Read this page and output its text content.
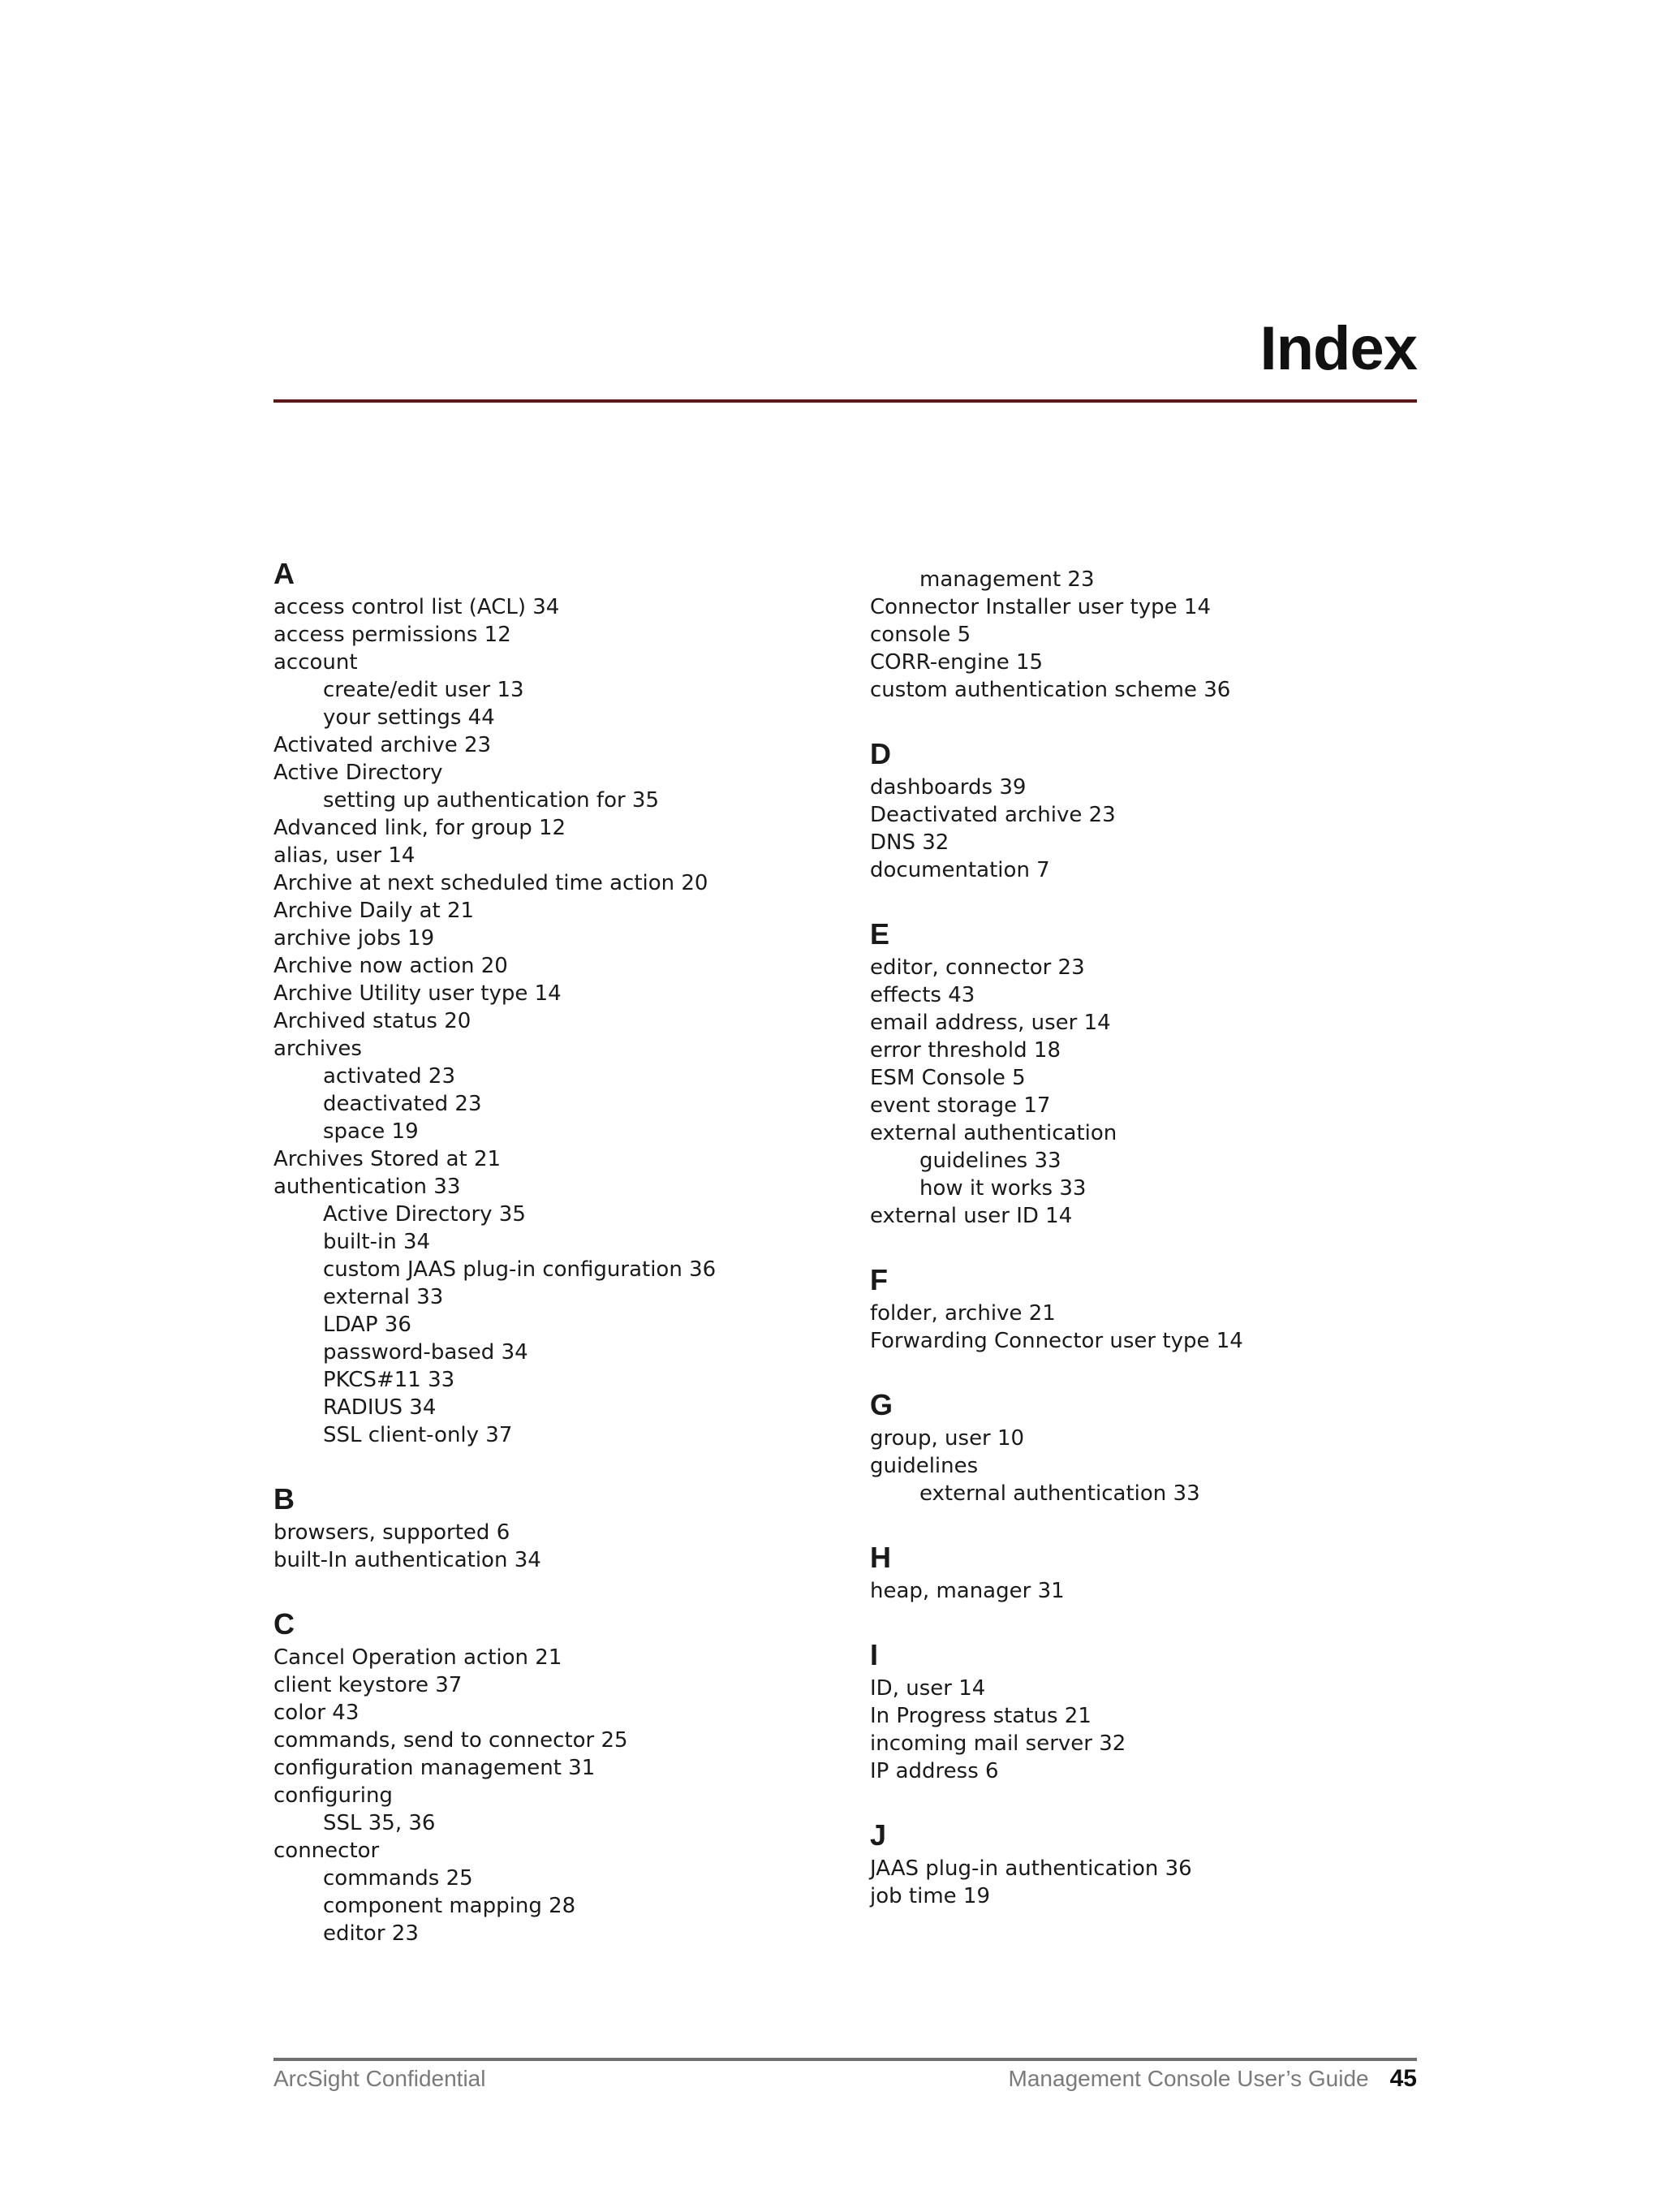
Index
A
access control list (ACL) 34
access permissions 12
account
create/edit user 13
your settings 44
Activated archive 23
Active Directory
setting up authentication for 35
Advanced link, for group 12
alias, user 14
Archive at next scheduled time action 20
Archive Daily at 21
archive jobs 19
Archive now action 20
Archive Utility user type 14
Archived status 20
archives
activated 23
deactivated 23
space 19
Archives Stored at 21
authentication 33
Active Directory 35
built-in 34
custom JAAS plug-in configuration 36
external 33
LDAP 36
password-based 34
PKCS#11 33
RADIUS 34
SSL client-only 37
B
browsers, supported 6
built-In authentication 34
C
Cancel Operation action 21
client keystore 37
color 43
commands, send to connector 25
configuration management 31
configuring
SSL 35, 36
connector
commands 25
component mapping 28
editor 23
management 23
Connector Installer user type 14
console 5
CORR-engine 15
custom authentication scheme 36
D
dashboards 39
Deactivated archive 23
DNS 32
documentation 7
E
editor, connector 23
effects 43
email address, user 14
error threshold 18
ESM Console 5
event storage 17
external authentication
guidelines 33
how it works 33
external user ID 14
F
folder, archive 21
Forwarding Connector user type 14
G
group, user 10
guidelines
external authentication 33
H
heap, manager 31
I
ID, user 14
In Progress status 21
incoming mail server 32
IP address 6
J
JAAS plug-in authentication 36
job time 19
ArcSight Confidential	Management Console User’s Guide 45
